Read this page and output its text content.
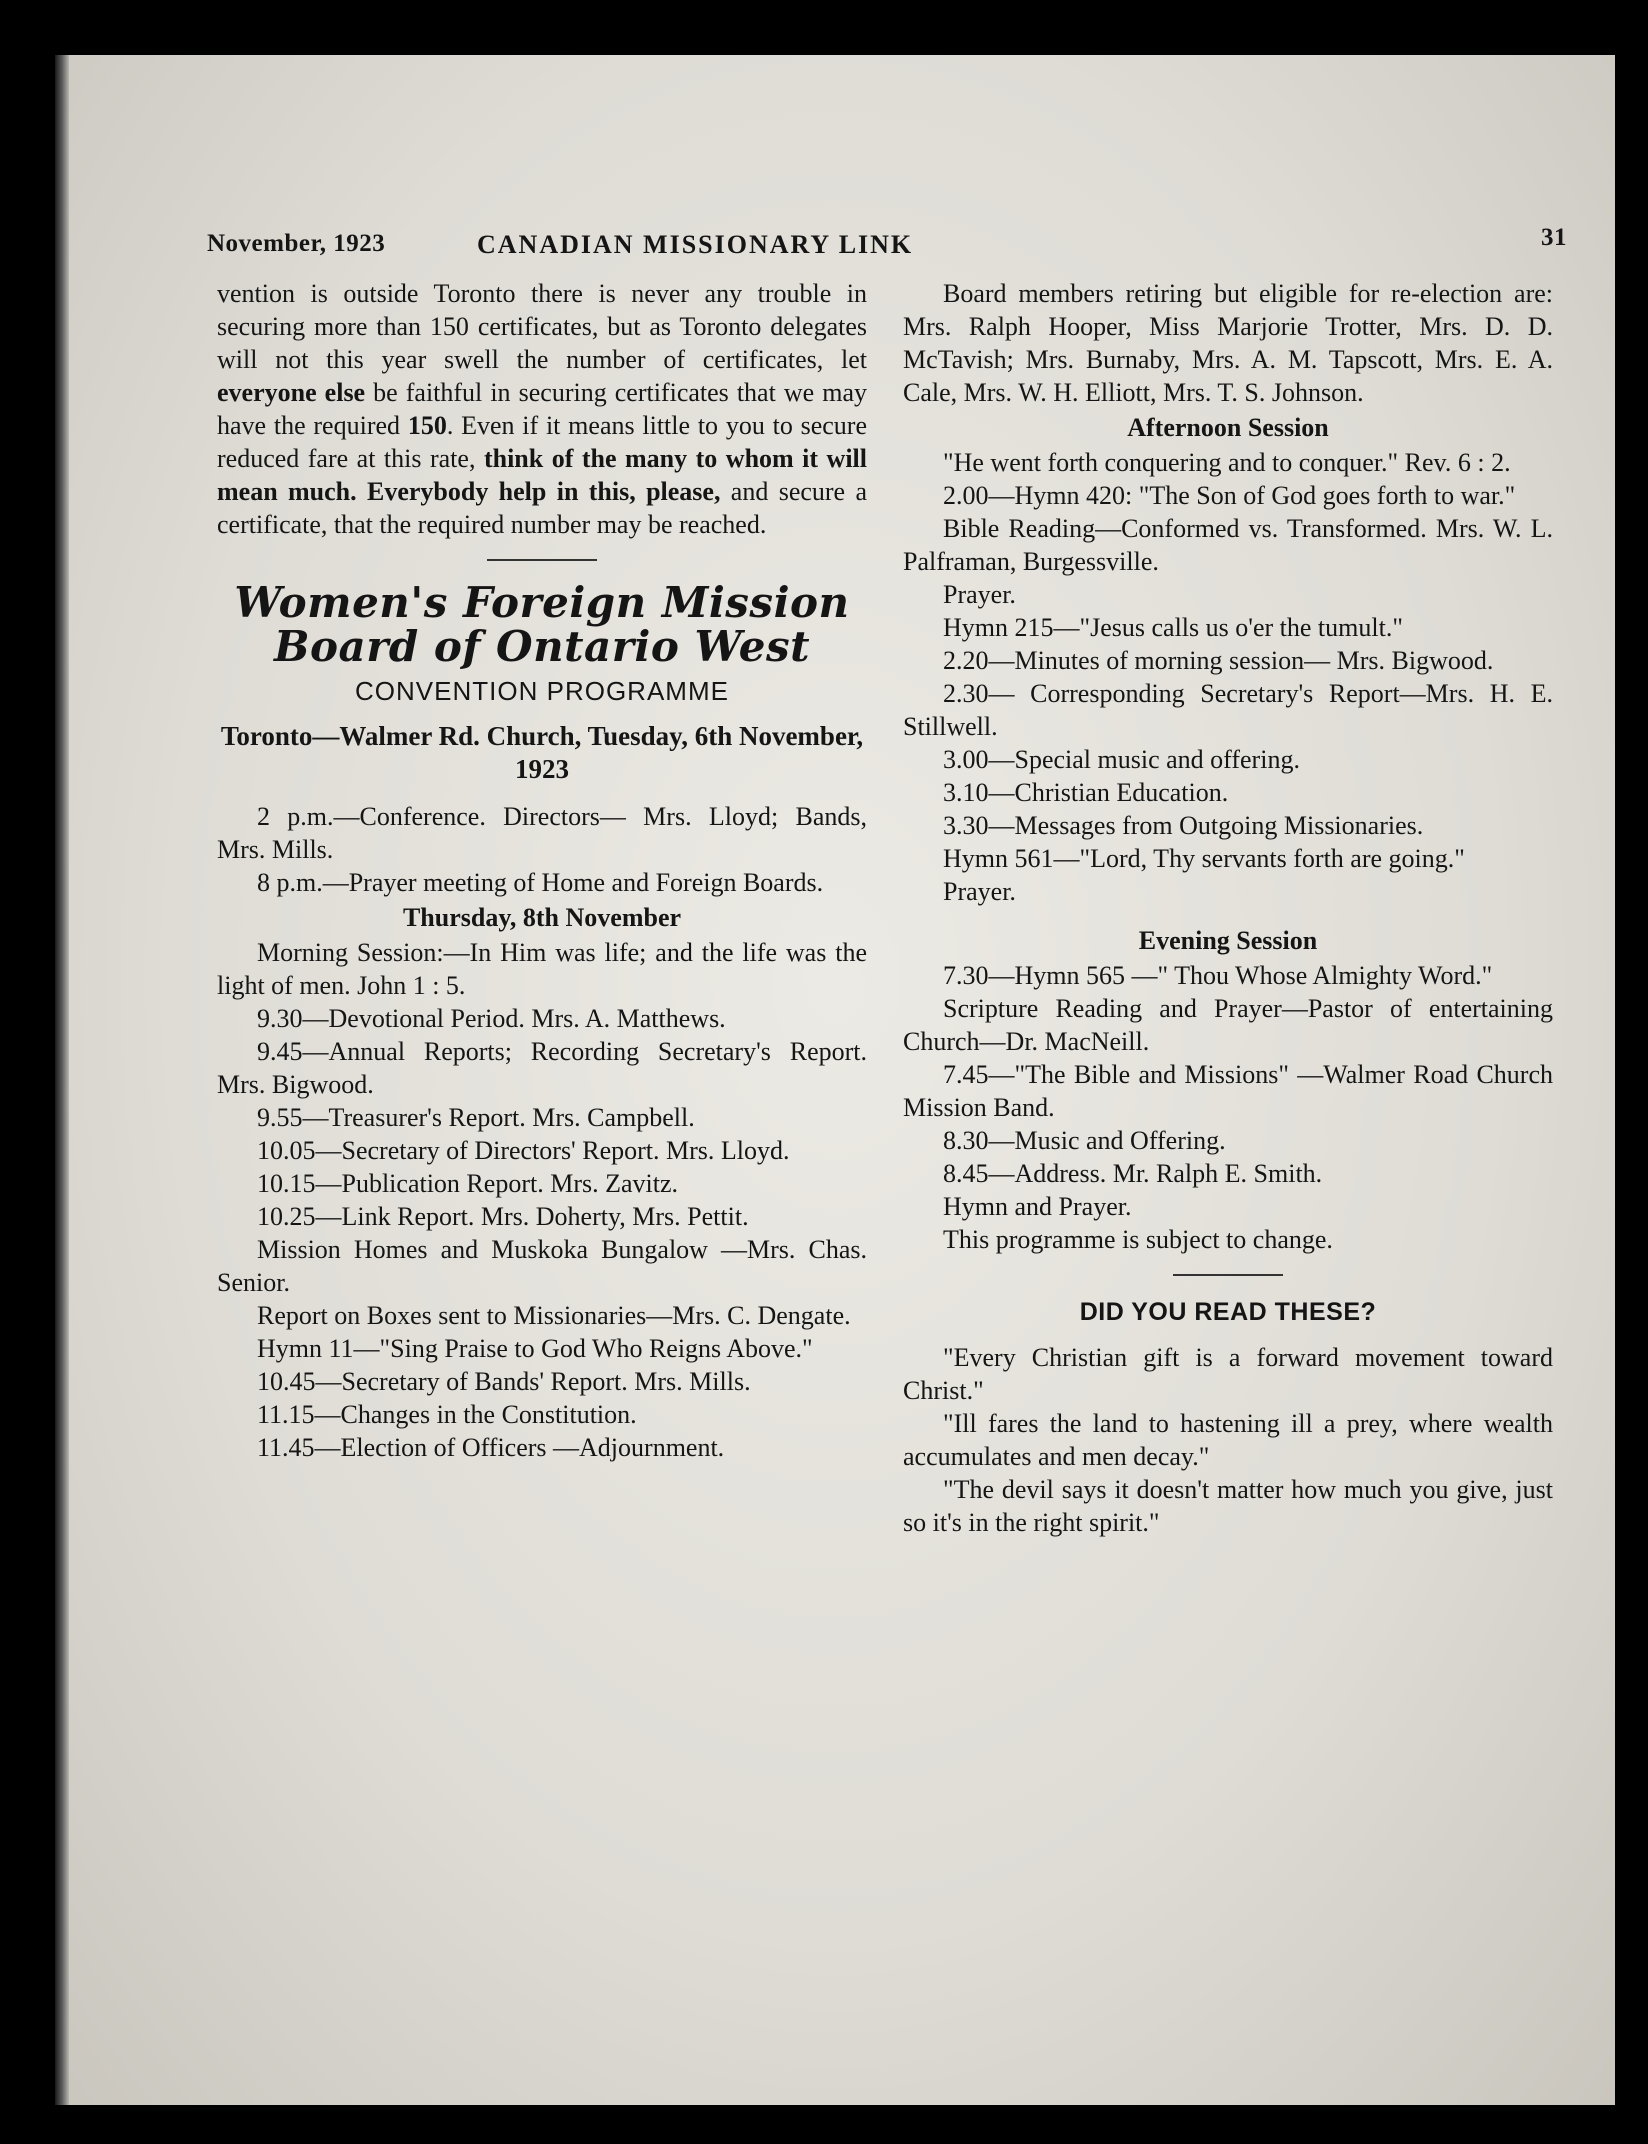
November, 1923	CANADIAN MISSIONARY LINK	31

vention is outside Toronto there is never any trouble in securing more than 150 certificates, but as Toronto delegates will not this year swell the number of certificates, let everyone else be faithful in securing certificates that we may have the required 150. Even if it means little to you to secure reduced fare at this rate, think of the many to whom it will mean much. Everybody help in this, please, and secure a certificate, that the required number may be reached.

Women's Foreign Mission

Board of Ontario West

CONVENTION PROGRAMME

Toronto—Walmer Rd. Church, Tuesday, 6th November, 1923

2 p.m.—Conference. Directors— Mrs. Lloyd; Bands, Mrs. Mills.

8 p.m.—Prayer meeting of Home and Foreign Boards.

Thursday, 8th November

Morning Session:—In Him was life; and the life was the light of men. John 1 : 5.

9.30—Devotional Period. Mrs. A. Matthews.

9.45—Annual Reports; Recording Secretary's Report. Mrs. Bigwood.

9.55—Treasurer's Report. Mrs. Campbell.

10.05—Secretary of Directors' Report. Mrs. Lloyd.

10.15—Publication Report. Mrs. Zavitz.

10.25—Link Report. Mrs. Doherty, Mrs. Pettit.

Mission Homes and Muskoka Bungalow —Mrs. Chas. Senior.

Report on Boxes sent to Missionaries—Mrs. C. Dengate.

Hymn 11—"Sing Praise to God Who Reigns Above."

10.45—Secretary of Bands' Report. Mrs. Mills.

11.15—Changes in the Constitution.

11.45—Election of Officers —Adjournment.

Board members retiring but eligible for re-election are: Mrs. Ralph Hooper, Miss Marjorie Trotter, Mrs. D. D. McTavish; Mrs. Burnaby, Mrs. A. M. Tapscott, Mrs. E. A. Cale, Mrs. W. H. Elliott, Mrs. T. S. Johnson.

Afternoon Session

"He went forth conquering and to conquer." Rev. 6 : 2.

2.00—Hymn 420: "The Son of God goes forth to war."

Bible Reading—Conformed vs. Transformed. Mrs. W. L. Palframan, Burgessville.

Prayer.

Hymn 215—"Jesus calls us o'er the tumult."

2.20—Minutes of morning session— Mrs. Bigwood.

2.30— Corresponding Secretary's Report—Mrs. H. E. Stillwell.

3.00—Special music and offering.

3.10—Christian Education.

3.30—Messages from Outgoing Missionaries.

Hymn 561—"Lord, Thy servants forth are going."

Prayer.

Evening Session

7.30—Hymn 565 —" Thou Whose Almighty Word."

Scripture Reading and Prayer—Pastor of entertaining Church—Dr. MacNeill.

7.45—"The Bible and Missions" —Walmer Road Church Mission Band.

8.30—Music and Offering.

8.45—Address. Mr. Ralph E. Smith.

Hymn and Prayer.

This programme is subject to change.

DID YOU READ THESE?

"Every Christian gift is a forward movement toward Christ."

"Ill fares the land to hastening ill a prey, where wealth accumulates and men decay."

"The devil says it doesn't matter how much you give, just so it's in the right spirit."
